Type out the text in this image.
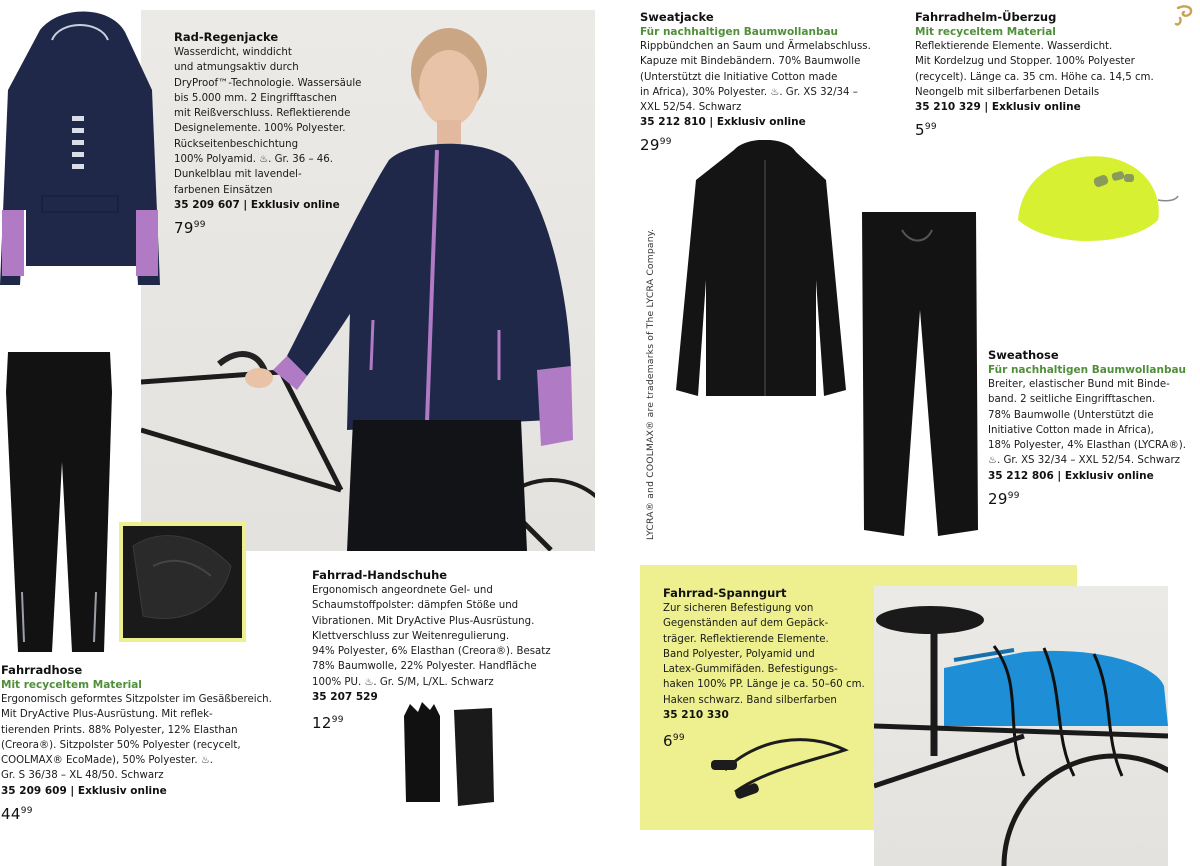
Rad-Regenjacke
Wasserdicht, winddicht
und atmungsaktiv durch
DryProof™-Technologie. Wassersäule
bis 5.000 mm. 2 Eingrifftaschen
mit Reißverschluss. Reflektierende
Designelemente. 100% Polyester.
Rückseitenbeschichtung
100% Polyamid. ♨. Gr. 36 – 46.
Dunkelblau mit lavendel-
farbenen Einsätzen
35 209 607 | Exklusiv online
$79^{99}$
Fahrradhose
Mit recyceltem Material
Ergonomisch geformtes Sitzpolster im Gesäßbereich.
Mit DryActive Plus-Ausrüstung. Mit reflek-
tierenden Prints. 88% Polyester, 12% Elasthan
(Creora®). Sitzpolster 50% Polyester (recycelt,
COOLMAX® EcoMade), 50% Polyester. ♨.
Gr. S 36/38 – XL 48/50. Schwarz
35 209 609 | Exklusiv online
$44^{99}$
Fahrrad-Handschuhe
Ergonomisch angeordnete Gel- und
Schaumstoffpolster: dämpfen Stöße und
Vibrationen. Mit DryActive Plus-Ausrüstung.
Klettverschluss zur Weitenregulierung.
94% Polyester, 6% Elasthan (Creora®). Besatz
78% Baumwolle, 22% Polyester. Handfläche
100% PU. ♨. Gr. S/M, L/XL. Schwarz
35 207 529
$12^{99}$
Sweatjacke
Für nachhaltigen Baumwollanbau
Rippbündchen an Saum und Ärmelabschluss.
Kapuze mit Bindebändern. 70% Baumwolle
(Unterstützt die Initiative Cotton made
in Africa), 30% Polyester. ♨. Gr. XS 32/34 –
XXL 52/54. Schwarz
35 212 810 | Exklusiv online
$29^{99}$
LYCRA® and COOLMAX® are trademarks of The LYCRA Company.
Fahrradhelm-Überzug
Mit recyceltem Material
Reflektierende Elemente. Wasserdicht.
Mit Kordelzug und Stopper. 100% Polyester
(recycelt). Länge ca. 35 cm. Höhe ca. 14,5 cm.
Neongelb mit silberfarbenen Details
35 210 329 | Exklusiv online
$5^{99}$
Sweathose
Für nachhaltigen Baumwollanbau
Breiter, elastischer Bund mit Binde-
band. 2 seitliche Eingrifftaschen.
78% Baumwolle (Unterstützt die
Initiative Cotton made in Africa),
18% Polyester, 4% Elasthan (LYCRA®).
♨. Gr. XS 32/34 – XXL 52/54. Schwarz
35 212 806 | Exklusiv online
$29^{99}$
Fahrrad-Spanngurt
Zur sicheren Befestigung von
Gegenständen auf dem Gepäck-
träger. Reflektierende Elemente.
Band Polyester, Polyamid und
Latex-Gummifäden. Befestigungs-
haken 100% PP. Länge je ca. 50–60 cm.
Haken schwarz. Band silberfarben
35 210 330
$6^{99}$
